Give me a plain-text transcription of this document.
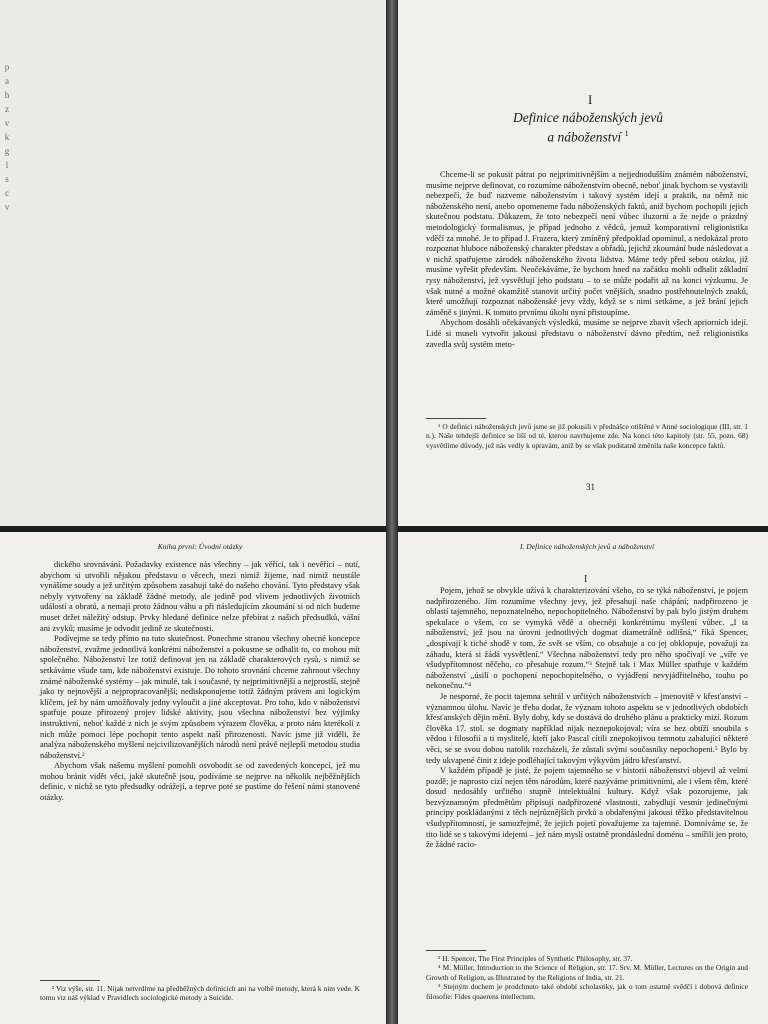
p
a
h
z
v
k
g
l
s
c
v
I
Definice náboženských jevů
a náboženství $^1$

Chceme-li se pokusit pátrat po nejprimitivnějším a nejjednodušším známém náboženství, musíme nejprve definovat, co rozumíme náboženstvím obecně, neboť jinak bychom se vystavili nebezpečí, že buď nazveme náboženstvím i takový systém idejí a praktik, na němž nic náboženského není, anebo opomeneme řadu náboženských faktů, aniž bychom pochopili jejich skutečnou podstatu. Důkazem, že toto nebezpečí není vůbec iluzorní a že nejde o prázdný metodologický formalismus, je případ jednoho z vědců, jemuž komparativní religionistika vděčí za mnohé. Je to případ J. Frazera, který zmíněný předpoklad opominul, a nedokázal proto rozpoznat hluboce náboženský charakter představ a obřadů, jejichž zkoumání bude následovat a v nichž spatřujeme zárodek náboženského života lidstva. Máme tedy před sebou otázku, již musíme vyřešit především. Neočekáváme, že bychom hned na začátku mohli odhalit základní rysy náboženství, jež vysvětlují jeho podstatu – to se může podařit až na konci výzkumu. Je však nutné a možné okamžitě stanovit určitý počet vnějších, snadno postřehnutelných znaků, které umožňují rozpoznat náboženské jevy vždy, když se s nimi setkáme, a jež brání jejich záměně s jinými. K tomuto prvnímu úkolu nyní přistoupíme.

Abychom dosáhli očekávaných výsledků, musíme se nejprve zbavit všech apriorních idejí. Lidé si museli vytvořit jakousi představu o náboženství dávno předtím, než religionistika zavedla svůj systém meto-

¹ O definici náboženských jevů jsme se již pokusili v přednášce otištěné v Anné sociologique (III, str. 1 n.). Naše tehdejší definice se liší od té, kterou navrhujeme zde. Na konci této kapitoly (str. 55, pozn. 68) vysvětlíme důvody, jež nás vedly k opravám, aniž by se však podstatně změnila naše koncepce faktů.

31
Kniha první: Úvodní otázky

dického srovnávání. Požadavky existence nás všechny – jak věřící, tak i nevěřící – nutí, abychom si utvořili nějakou představu o věcech, mezi nimiž žijeme, nad nimiž neustále vynášíme soudy a jež určitým způsobem zasahují také do našeho chování. Tyto představy však nebyly vytvořeny na základě žádné metody, ale jedině pod vlivem jednotlivých životních událostí a obratů, a nemají proto žádnou váhu a při následujícím zkoumání si od nich budeme muset držet náležitý odstup. Prvky hledané definice nelze přebírat z našich předsudků, vášní ani zvyků; musíme je odvodit jedině ze skutečnosti.

Podívejme se tedy přímo na tuto skutečnost. Ponechme stranou všechny obecné koncepce náboženství, zvažme jednotlivá konkrétní náboženství a pokusme se odhalit to, co mohou mít společného. Náboženství lze totiž definovat jen na základě charakterových rysů, s nimiž se setkáváme všude tam, kde náboženství existuje. Do tohoto srovnání chceme zahrnout všechny známé náboženské systémy – jak minulé, tak i současné, ty nejprimitivnější a nejprostší, stejně jako ty nejnovější a nejpropracovanější; nediskponujeme totiž žádným právem ani logickým klíčem, jež by nám umožňovaly jedny vyloučit a jiné akceptovat. Pro toho, kdo v náboženství spatřuje pouze přirozený projev lidské aktivity, jsou všechna náboženství bez výjimky instruktivní, neboť každé z nich je svým způsobem výrazem člověka, a proto nám kterékoli z nich může pomoci lépe pochopit tento aspekt naší přirozenosti. Navíc jsme již viděli, že analýza náboženského myšlení nejcivilizovanějších národů není právě nejlepší metodou studia náboženství.²

Abychom však našemu myšlení pomohli osvobodit se od zavedených koncepcí, jež mu mohou bránit vidět věci, jaké skutečně jsou, podíváme se nejprve na několik nejběžnějších definic, v nichž se tyto předsudky odrážejí, a teprve poté se pustíme do řešení námi stanovené otázky.

² Viz výše, str. 11. Nijak netvrdíme na předběžných definicích ani na volbě metody, která k nim vede. K tomu viz náš výklad v Pravidlech sociologické metody a Suicide.

I. Definice náboženských jevů a náboženství
I

Pojem, jehož se obvykle užívá k charakterizování všeho, co se týká náboženství, je pojem nadpřirozeného. Jím rozumíme všechny jevy, jež přesahují naše chápání; nadpřirozeno je oblastí tajemného, nepoznatelného, nepochopitelného. Náboženství by pak bylo jistým druhem spekulace o všem, co se vymyká vědě a obecněji konkrétnímu myšlení vůbec. „I ta náboženství, jež jsou na úrovni jednotlivých dogmat diametrálně odlišná,“ říká Spencer, „dospívají k tiché shodě v tom, že svět se vším, co obsahuje a co jej obklopuje, považují za záhadu, která si žádá vysvětlení.“ Všechna náboženství tedy pro něho spočívají ve „víře ve všudypřítomnost něčeho, co přesahuje rozum.“³ Stejně tak i Max Müller spatřuje v každém náboženství „úsilí o pochopení nepochopitelného, o vyjádření nevyjádřitelného, touhu po nekonečnu.“⁴

Je nesporné, že pocit tajemna sehrál v určitých náboženstvích – jmenovitě v křesťanství – významnou úlohu. Navíc je třeba dodat, že význam tohoto aspektu se v jednotlivých obdobích křesťanských dějin mění. Byly doby, kdy se dostává do druhého plánu a prakticky mizí. Rozum člověka 17. stol. se dogmaty například nijak neznepokojoval; víra se bez obtíží snoubila s vědou i filosofií a ti myslitelé, kteří jako Pascal cítili znepokojivou temnotu zahalující některé věci, se se svou dobou natolik rozcházeli, že zůstali svými současníky nepochopeni.⁵ Bylo by tedy ukvapené činit z ideje podléhající takovým výkyvům jádro křesťanství.

V každém případě je jisté, že pojem tajemného se v historii náboženství objevil až velmi pozdě; je naprosto cizí nejen těm národům, které nazýváme primitivními, ale i všem těm, které dosud nedosáhly určitého stupně intelektuální kultury. Když však pozorujeme, jak bezvýznamným předmětům připisují nadpřirozené vlastnosti, zabydlují vesmír jedinečnými principy poskládanými z těch nejrůznějších prvků a obdařenými jakousi těžko představitelnou všudypřítomností, je samozřejmé, že jejich pojetí považujeme za tajemné. Domníváme se, že tito lidé se s takovými idejemi – jež nám myslí ostatně prondáslední doménu – smířili jen proto, že žádné racio-

³ H. Spencer, The First Principles of Synthetic Philosophy, str. 37.

⁴ M. Müller, Introduction to the Science of Religion, str. 17. Srv. M. Müller, Lectures on the Origin and Growth of Religion, as Illustrated by the Religions of India, str. 21.

⁵ Stejným duchem je prodchnuto také období scholastiky, jak o tom ostatně svědčí i dobová definice filosofie: Fides quaerens intellectum.
